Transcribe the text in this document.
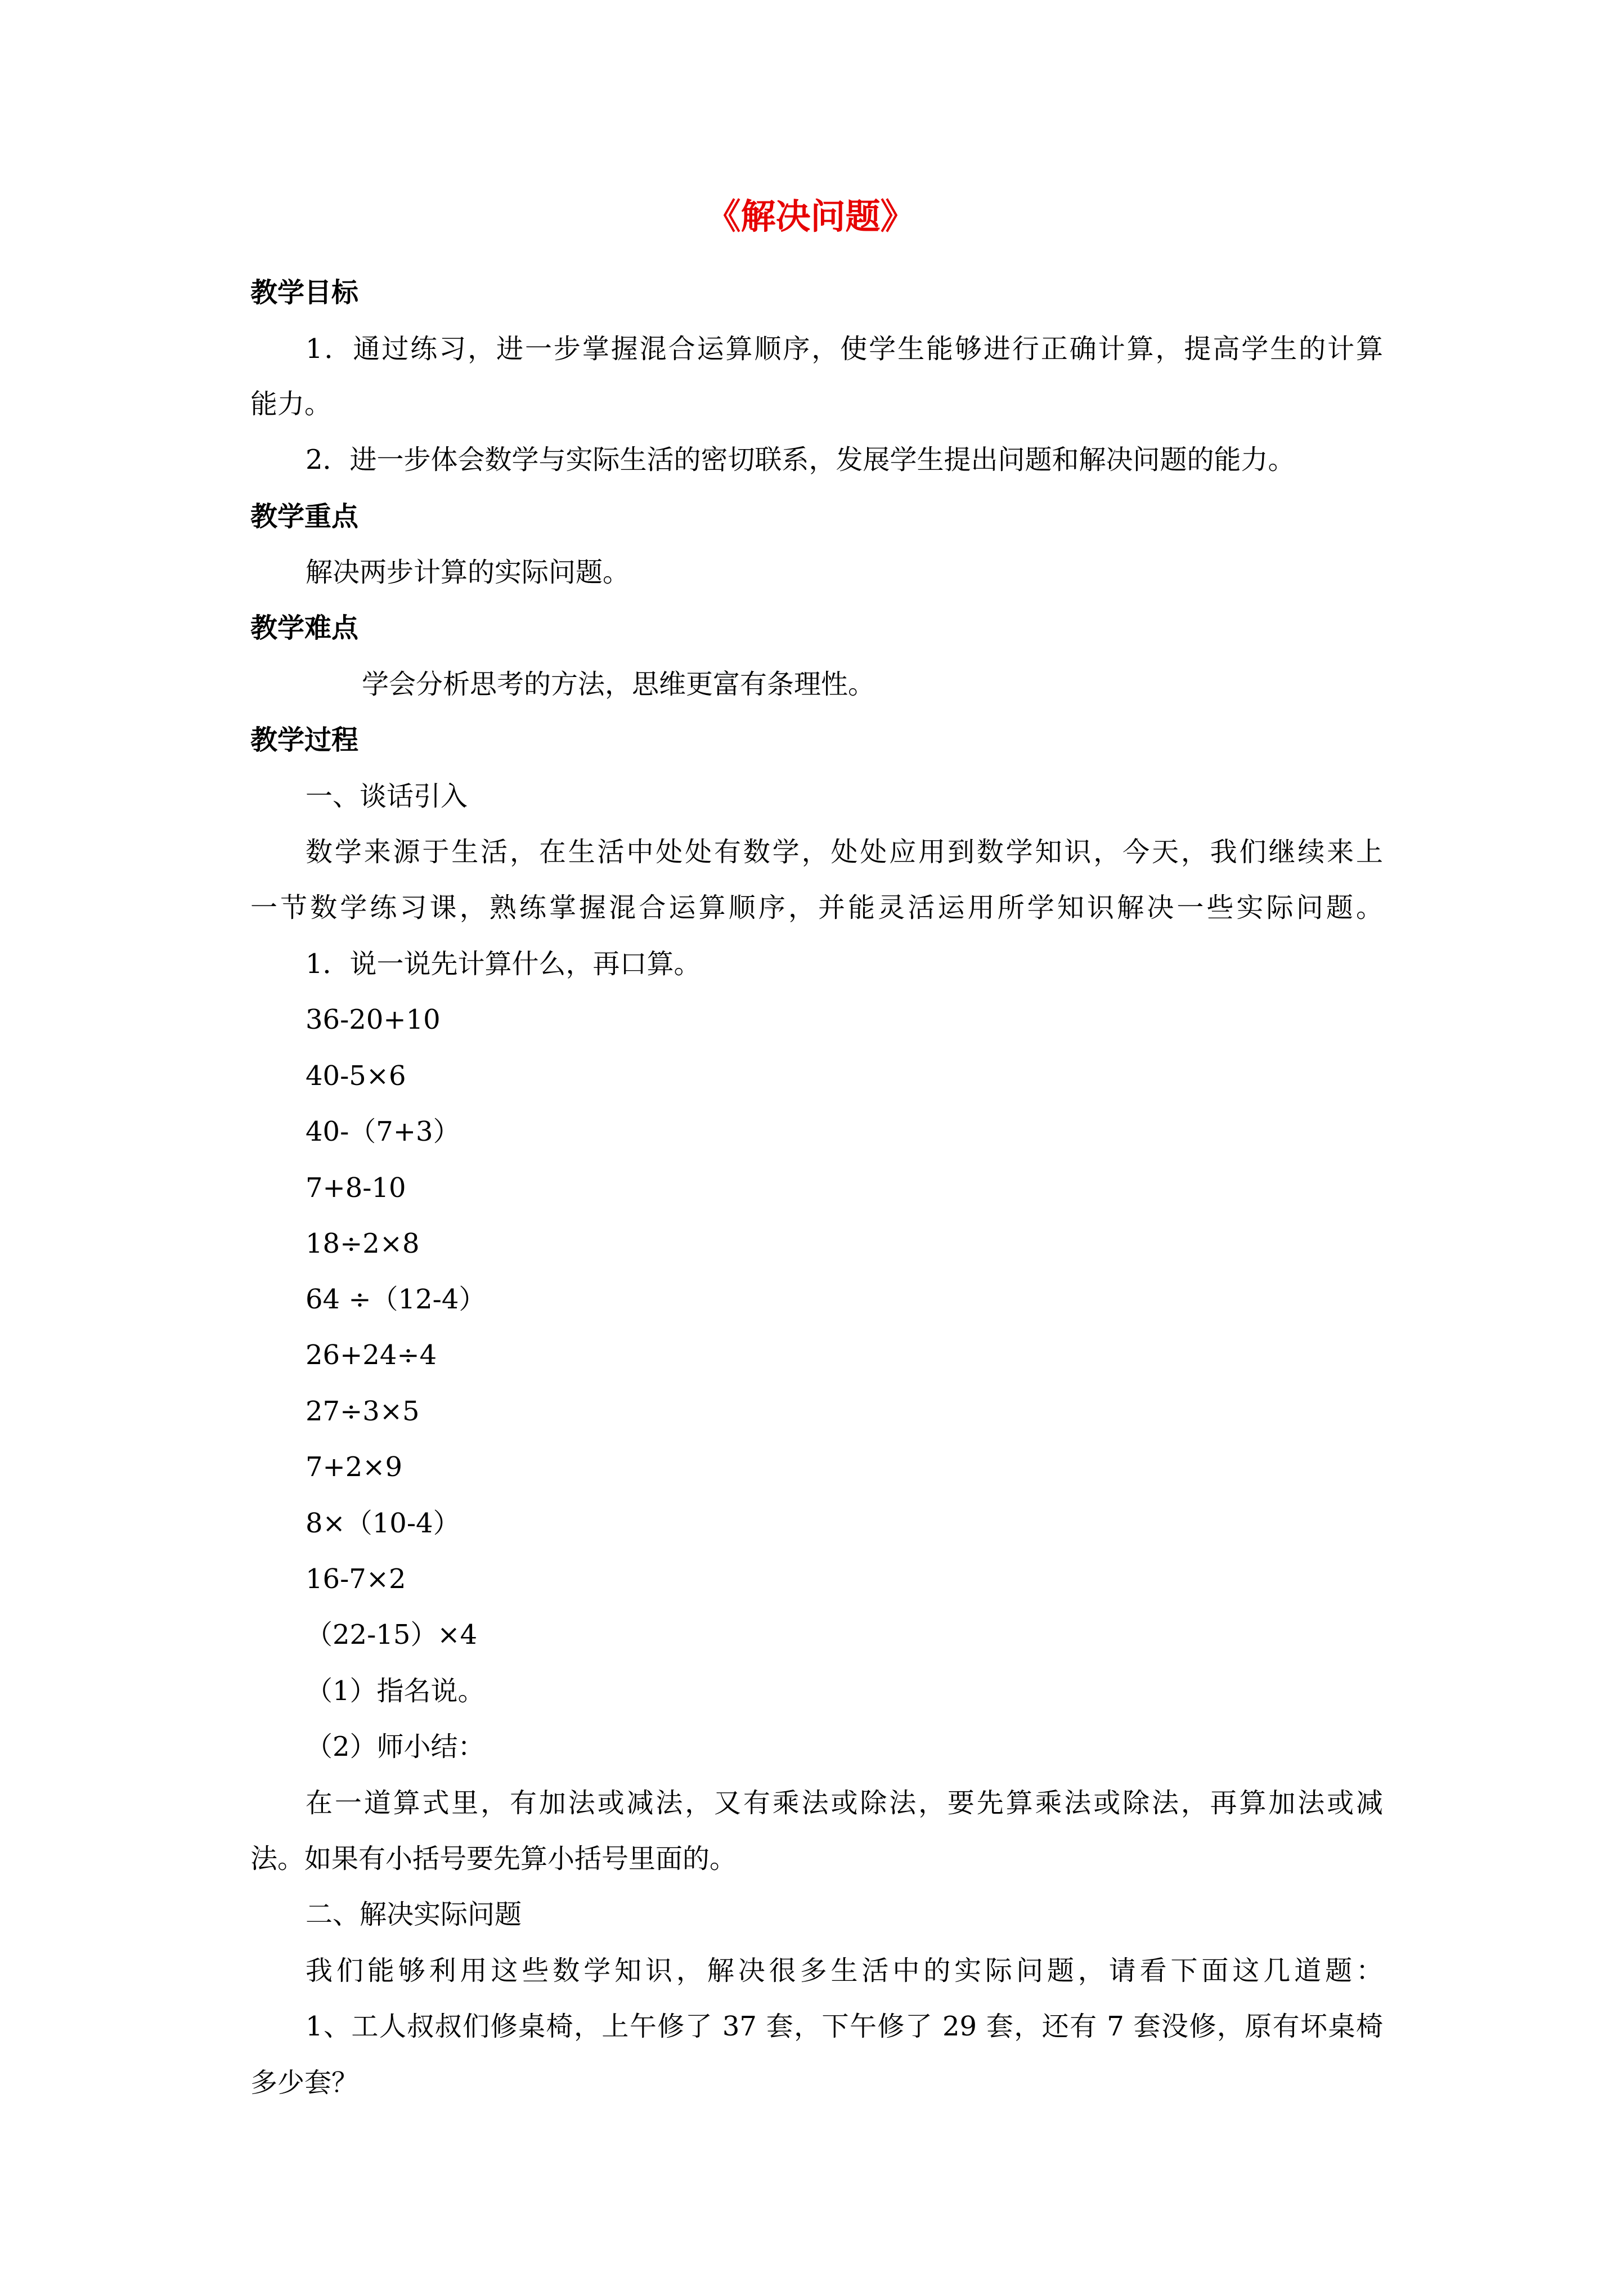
《解决问题》
教学目标
1．通过练习，进一步掌握混合运算顺序，使学生能够进行正确计算，提高学生的计算
能力。
2．进一步体会数学与实际生活的密切联系，发展学生提出问题和解决问题的能力。
教学重点
解决两步计算的实际问题。
教学难点
学会分析思考的方法，思维更富有条理性。
教学过程
一、谈话引入
数学来源于生活，在生活中处处有数学，处处应用到数学知识，今天，我们继续来上
一节数学练习课，熟练掌握混合运算顺序，并能灵活运用所学知识解决一些实际问题。
1．说一说先计算什么，再口算。
36-20+10
40-5×6
40-（7+3）
7+8-10
18÷2×8
64 ÷（12-4）
26+24÷4
27÷3×5
7+2×9
8×（10-4）
16-7×2
（22-15）×4
（1）指名说。
（2）师小结：
在一道算式里，有加法或减法，又有乘法或除法，要先算乘法或除法，再算加法或减
法。如果有小括号要先算小括号里面的。
二、解决实际问题
我们能够利用这些数学知识，解决很多生活中的实际问题，请看下面这几道题：
1、工人叔叔们修桌椅，上午修了 37 套，下午修了 29 套，还有 7 套没修，原有坏桌椅
多少套？
